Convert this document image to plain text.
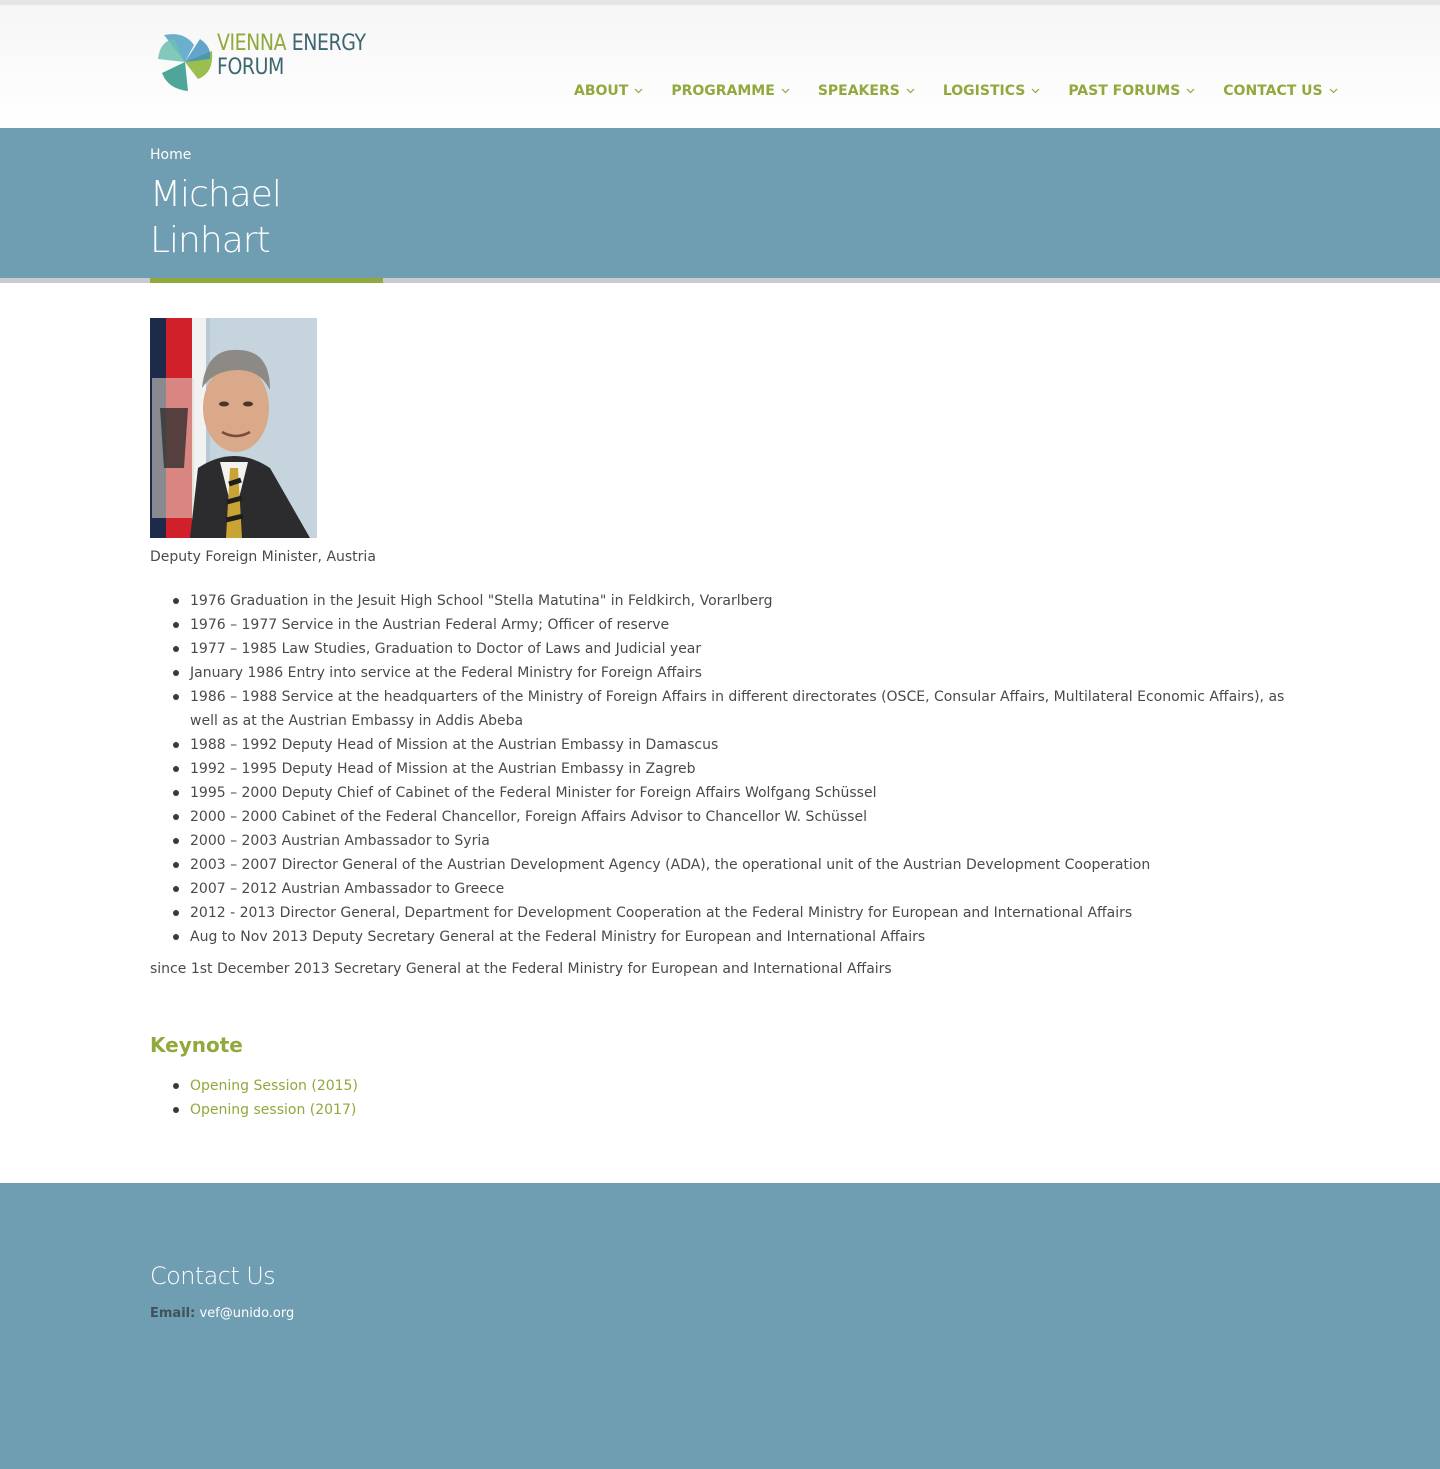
VIENNA ENERGY
FORUM
ABOUT	PROGRAMME	SPEAKERS	LOGISTICS	PAST FORUMS	CONTACT US
Home
Michael
Linhart

Deputy Foreign Minister, Austria

1976 Graduation in the Jesuit High School "Stella Matutina" in Feldkirch, Vorarlberg
1976 – 1977 Service in the Austrian Federal Army; Officer of reserve
1977 – 1985 Law Studies, Graduation to Doctor of Laws and Judicial year
January 1986 Entry into service at the Federal Ministry for Foreign Affairs
1986 – 1988 Service at the headquarters of the Ministry of Foreign Affairs in different directorates (OSCE, Consular Affairs, Multilateral Economic Affairs), as well as at the Austrian Embassy in Addis Abeba
1988 – 1992 Deputy Head of Mission at the Austrian Embassy in Damascus
1992 – 1995 Deputy Head of Mission at the Austrian Embassy in Zagreb
1995 – 2000 Deputy Chief of Cabinet of the Federal Minister for Foreign Affairs Wolfgang Schüssel
2000 – 2000 Cabinet of the Federal Chancellor, Foreign Affairs Advisor to Chancellor W. Schüssel
2000 – 2003 Austrian Ambassador to Syria
2003 – 2007 Director General of the Austrian Development Agency (ADA), the operational unit of the Austrian Development Cooperation
2007 – 2012 Austrian Ambassador to Greece
2012 - 2013 Director General, Department for Development Cooperation at the Federal Ministry for European and International Affairs
Aug to Nov 2013 Deputy Secretary General at the Federal Ministry for European and International Affairs

since 1st December 2013 Secretary General at the Federal Ministry for European and International Affairs

Keynote
Opening Session (2015)
Opening session (2017)
Contact Us

Email: vef@unido.org
